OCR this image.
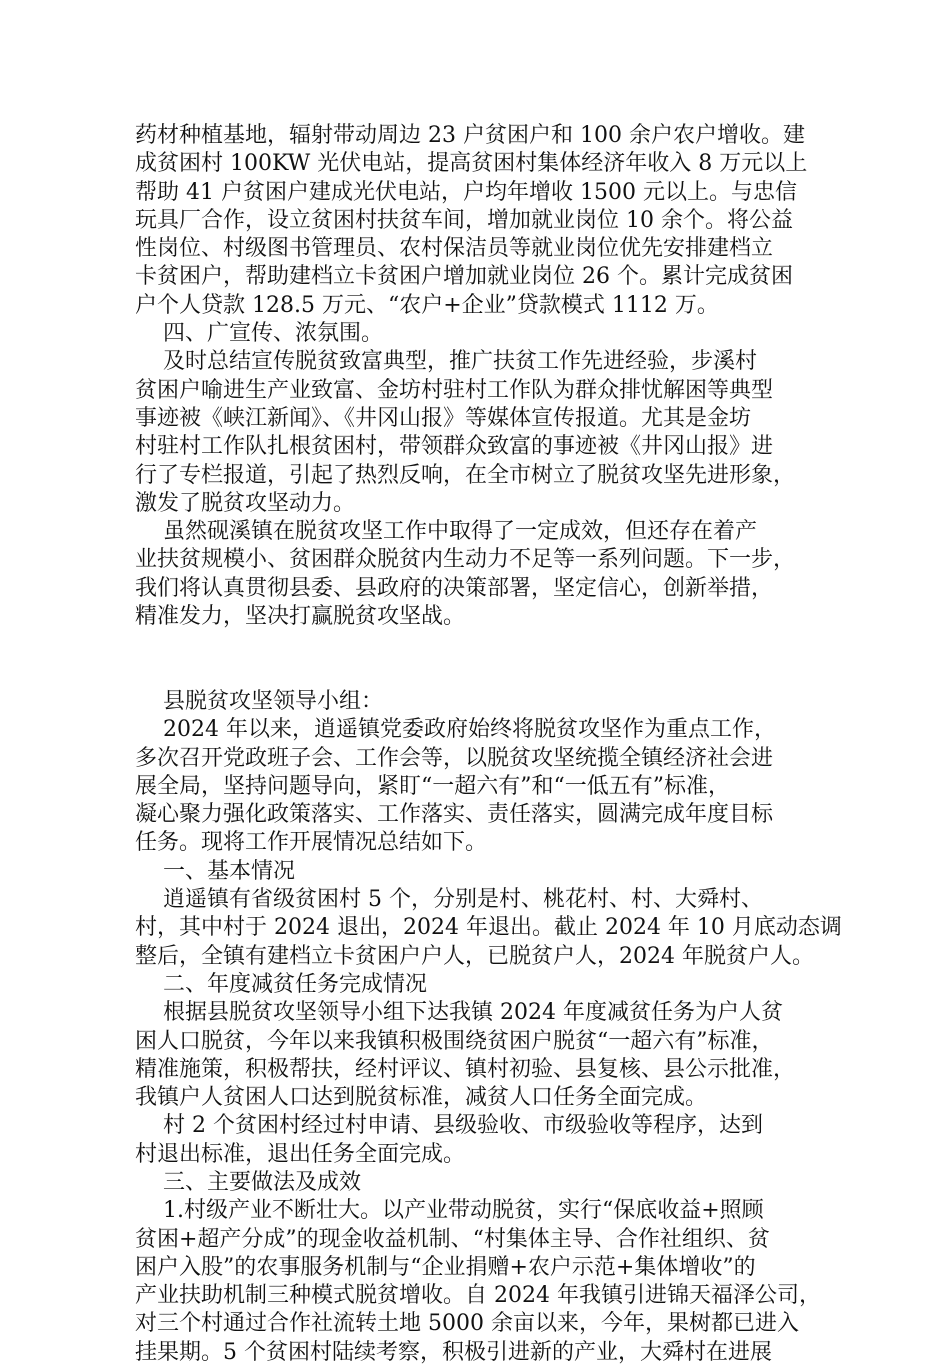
药材种植基地，辐射带动周边 23 户贫困户和 100 余户农户增收。建
成贫困村 100KW 光伏电站，提高贫困村集体经济年收入 8 万元以上
帮助 41 户贫困户建成光伏电站，户均年增收 1500 元以上。与忠信
玩具厂合作，设立贫困村扶贫车间，增加就业岗位 10 余个。将公益
性岗位、村级图书管理员、农村保洁员等就业岗位优先安排建档立
卡贫困户，帮助建档立卡贫困户增加就业岗位 26 个。累计完成贫困
户个人贷款 128.5 万元、“农户+企业”贷款模式 1112 万。
四、广宣传、浓氛围。
及时总结宣传脱贫致富典型，推广扶贫工作先进经验，步溪村
贫困户喻进生产业致富、金坊村驻村工作队为群众排忧解困等典型
事迹被《峡江新闻》、《井冈山报》等媒体宣传报道。尤其是金坊
村驻村工作队扎根贫困村，带领群众致富的事迹被《井冈山报》进
行了专栏报道，引起了热烈反响，在全市树立了脱贫攻坚先进形象，
激发了脱贫攻坚动力。
虽然砚溪镇在脱贫攻坚工作中取得了一定成效，但还存在着产
业扶贫规模小、贫困群众脱贫内生动力不足等一系列问题。下一步，
我们将认真贯彻县委、县政府的决策部署，坚定信心，创新举措，
精准发力，坚决打赢脱贫攻坚战。
县脱贫攻坚领导小组：
2024 年以来，逍遥镇党委政府始终将脱贫攻坚作为重点工作，
多次召开党政班子会、工作会等，以脱贫攻坚统揽全镇经济社会进
展全局，坚持问题导向，紧盯“一超六有”和“一低五有”标准，
凝心聚力强化政策落实、工作落实、责任落实，圆满完成年度目标
任务。现将工作开展情况总结如下。
一、基本情况
逍遥镇有省级贫困村 5 个，分别是村、桃花村、村、大舜村、
村，其中村于 2024 退出，2024 年退出。截止 2024 年 10 月底动态调
整后，全镇有建档立卡贫困户户人，已脱贫户人，2024 年脱贫户人。
二、年度减贫任务完成情况
根据县脱贫攻坚领导小组下达我镇 2024 年度减贫任务为户人贫
困人口脱贫，今年以来我镇积极围绕贫困户脱贫“一超六有”标准，
精准施策，积极帮扶，经村评议、镇村初验、县复核、县公示批准，
我镇户人贫困人口达到脱贫标准，减贫人口任务全面完成。
村 2 个贫困村经过村申请、县级验收、市级验收等程序，达到
村退出标准，退出任务全面完成。
三、主要做法及成效
1.村级产业不断壮大。以产业带动脱贫，实行“保底收益+照顾
贫困+超产分成”的现金收益机制、“村集体主导、合作社组织、贫
困户入股”的农事服务机制与“企业捐赠+农户示范+集体增收”的
产业扶助机制三种模式脱贫增收。自 2024 年我镇引进锦天福泽公司，
对三个村通过合作社流转土地 5000 余亩以来，今年，果树都已进入
挂果期。5 个贫困村陆续考察，积极引进新的产业，大舜村在进展
